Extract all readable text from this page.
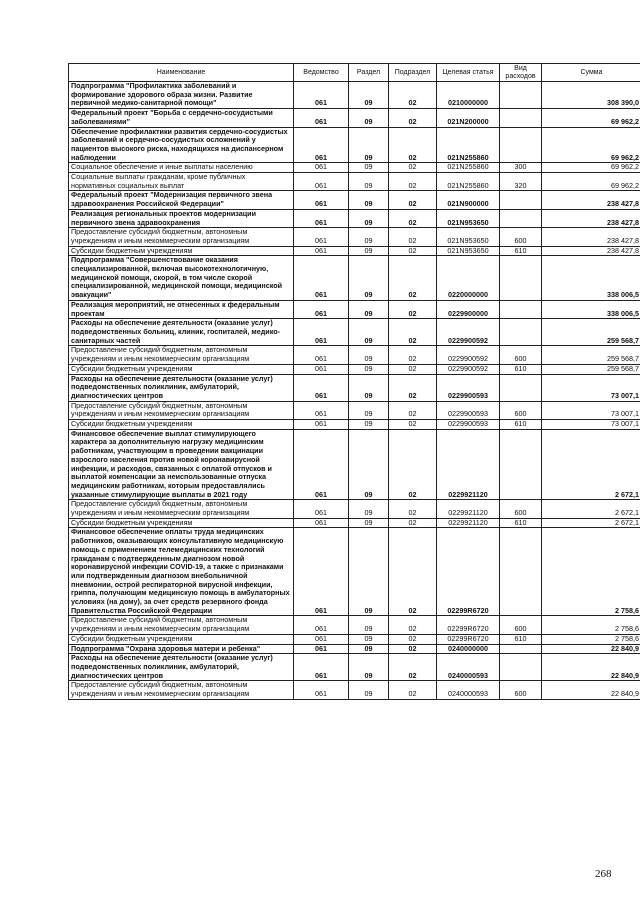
Наименование	Ведомство	Раздел	Подраздел	Целевая статья	Вид расходов	Сумма
Подпрограмма "Профилактика заболеваний и формирование здорового образа жизни. Развитие первичной медико-санитарной помощи"	061	09	02	0210000000		308 390,0
Федеральный проект "Борьба с сердечно-сосудистыми заболеваниями"	061	09	02	021N200000		69 962,2
Обеспечение профилактики развития сердечно-сосудистых заболеваний и сердечно-сосудистых осложнений у пациентов высокого риска, находящихся на диспансерном наблюдении	061	09	02	021N255860		69 962,2
Социальное обеспечение и иные выплаты населению	061	09	02	021N255860	300	69 962,2
Социальные выплаты гражданам, кроме публичных нормативных социальных выплат	061	09	02	021N255860	320	69 962,2
Федеральный проект "Модернизация первичного звена здравоохранения Российской Федерации"	061	09	02	021N900000		238 427,8
Реализация региональных проектов модернизации первичного звена здравоохранения	061	09	02	021N953650		238 427,8
Предоставление субсидий бюджетным, автономным учреждениям и иным некоммерческим организациям	061	09	02	021N953650	600	238 427,8
Субсидии бюджетным учреждениям	061	09	02	021N953650	610	238 427,8
Подпрограмма "Совершенствование оказания специализированной, включая высокотехнологичную, медицинской помощи, скорой, в том числе скорой специализированной, медицинской помощи, медицинской эвакуации"	061	09	02	0220000000		338 006,5
Реализация мероприятий, не отнесенных к федеральным проектам	061	09	02	0229900000		338 006,5
Расходы на обеспечение деятельности (оказание услуг) подведомственных больниц, клиник, госпиталей, медико-санитарных частей	061	09	02	0229900592		259 568,7
Предоставление субсидий бюджетным, автономным учреждениям и иным некоммерческим организациям	061	09	02	0229900592	600	259 568,7
Субсидии бюджетным учреждениям	061	09	02	0229900592	610	259 568,7
Расходы на обеспечение деятельности (оказание услуг) подведомственных поликлиник, амбулаторий, диагностических центров	061	09	02	0229900593		73 007,1
Предоставление субсидий бюджетным, автономным учреждениям и иным некоммерческим организациям	061	09	02	0229900593	600	73 007,1
Субсидии бюджетным учреждениям	061	09	02	0229900593	610	73 007,1
Финансовое обеспечение выплат стимулирующего характера за дополнительную нагрузку медицинским работникам, участвующим в проведении вакцинации взрослого населения против новой коронавирусной инфекции, и расходов, связанных с оплатой отпусков и выплатой компенсации за неиспользованные отпуска медицинским работникам, которым предоставлялись указанные стимулирующие выплаты в 2021 году	061	09	02	0229921120		2 672,1
Предоставление субсидий бюджетным, автономным учреждениям и иным некоммерческим организациям	061	09	02	0229921120	600	2 672,1
Субсидии бюджетным учреждениям	061	09	02	0229921120	610	2 672,1
Финансовое обеспечение оплаты труда медицинских работников, оказывающих консультативную медицинскую помощь с применением телемедицинских технологий гражданам с подтвержденным диагнозом новой коронавирусной инфекции COVID-19, а также с признаками или подтвержденным диагнозом внебольничной пневмонии, острой респираторной вирусной инфекции, гриппа, получающим медицинскую помощь в амбулаторных условиях (на дому), за счет средств резервного фонда Правительства Российской Федерации	061	09	02	02299R6720		2 758,6
Предоставление субсидий бюджетным, автономным учреждениям и иным некоммерческим организациям	061	09	02	02299R6720	600	2 758,6
Субсидии бюджетным учреждениям	061	09	02	02299R6720	610	2 758,6
Подпрограмма "Охрана здоровья матери и ребенка"	061	09	02	0240000000		22 840,9
Расходы на обеспечение деятельности (оказание услуг) подведомственных поликлиник, амбулаторий, диагностических центров	061	09	02	0240000593		22 840,9
Предоставление субсидий бюджетным, автономным учреждениям и иным некоммерческим организациям	061	09	02	0240000593	600	22 840,9
268
